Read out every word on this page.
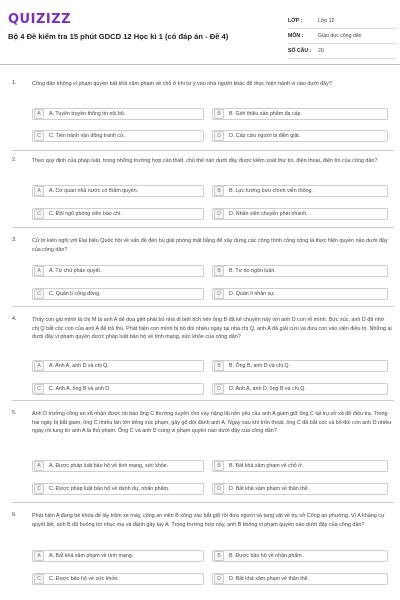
QUIZIZZ
Bộ 4 Đề kiểm tra 15 phút GDCD 12 Học kì 1 (có đáp án - Đề 4)
LỚP :	Lớp 12
MÔN :	Giáo dục công dân
SỐ CÂU :	20
1.	Công dân không vi phạm quyền bất khả xâm phạm về chỗ ở khi tự ý vào nhà người khác để thực hiện hành vi nào dưới đây?
A	A. Tuyên truyền thông tin nội bộ.	B	B. Giới thiệu sản phẩm đa cấp.
C	C. Tiến hành vận động tranh cử.	D	D. Cấp cứu người bị điện giật.
2.	Theo quy định của pháp luật, trong những trường hợp cần thiết, chủ thể nào dưới đây được kiểm soát thư tín, điện thoại, điện tín của công dân?
A	A. Cơ quan nhà nước có thẩm quyền.	B	B. Lực lượng bưu chính viễn thông.
C	C. Đội ngũ phóng viên báo chí.	D	D. Nhân viên chuyển phát nhanh.
3.	Cử tri kiến nghị với Đại biểu Quốc hội về vấn đề đền bù giải phóng mặt bằng để xây dựng các công trình công cộng là thực hiện quyền nào dưới đây của công dân?
A	A. Tự chủ phán quyết.	B	B. Tự do ngôn luận.
C	C. Quản lí cộng đồng.	D	D. Quản lí nhân sự.
4.	Thấy con gái mình là chị M bị anh A dẻ dọa giết phải bỏ nhà đi biệt tích nên ông B đã kể chuyện này với anh D con rể mình. Bức xúc, anh D đã nhờ chị Q bắt cóc con của anh A để trả thù. Phát hiện con mình bị bó đói nhiều ngày tại nhà chị Q, anh A đã giải cứu và đưa con vào viện điều trị. Những ai dưới đây vi phạm quyền được pháp luật bảo hộ về tính mạng, sức khỏe của công dân?
A	A. Anh A, anh D và chị Q.	B	B. Ông B, anh D và chị Q.
C	C. Anh A, ông B và anh D.	D	D. Anh A, anh D, ông B và chị Q.
5.	Anh D trưởng công an xã nhận được tin báo ông C thường xuyên cho vay nặng lãi nên yêu cầu anh A giam giữ ông C tại trụ sở xã để điều tra. Trong hai ngày bị bắt giam, ông C nhiều lần lớn tiếng xúc phạm, gây gổ đòi đánh anh A. Ngay sau khi trốn thoát, ông C đã bắt cóc và bỏ đói con anh D nhiều ngày rồi tung tin anh A là thủ phạm. Ông C và anh D cùng vi phạm quyền nào dưới đây của công dân?
A	A. Được pháp luật bảo hộ về tính mạng, sức khỏe.	B	B. Bất khả xâm phạm về chỗ ở.
C	C. Được pháp luật bảo hộ về danh dự, nhân phẩm.	D	D. Bất khả xâm phạm về thân thể.
6.	Phát hiện A đang bẻ khóa để lấy trộm xe máy, công an viên B xông vào bắt giữ rồi đưa người và tang vật về trụ sở Công an phường. Vì A kháng cự quyết liệt, anh B đã buông lời nhục mạ và đánh gãy tay A. Trong trường hợp này, anh B không vi phạm quyền nào dưới đây của công dân?
A	A. Bất khả xâm phạm về tính mạng.	B	B. Được bảo hộ về nhân phẩm.
C	C. Được bảo hộ về sức khỏe.	D	D. Bất khả xâm phạm về thân thể.
